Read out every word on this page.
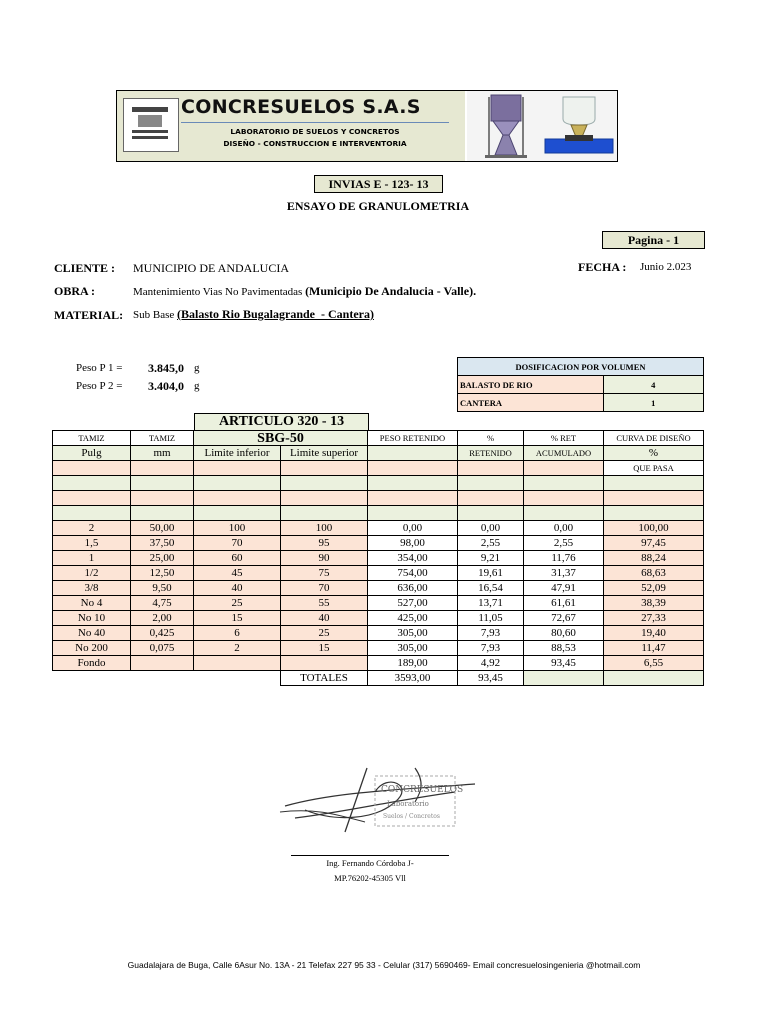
CONCRESUELOS S.A.S
LABORATORIO DE SUELOS Y CONCRETOS
DISEÑO - CONSTRUCCION E INTERVENTORIA
INVIAS E - 123- 13
ENSAYO DE GRANULOMETRIA
Pagina - 1
CLIENTE : MUNICIPIO DE ANDALUCIA	FECHA : Junio 2.023
OBRA :	Mantenimiento Vias No Pavimentadas (Municipio De Andalucia - Valle).
MATERIAL: Sub Base (Balasto Rio Bugalagrande  - Cantera)
Peso P 1 = 3.845,0 g
Peso P 2 = 3.404,0 g
DOSIFICACION POR VOLUMEN	
BALASTO DE RIO	4
CANTERA	1
ARTICULO 320 - 13
TAMIZ	TAMIZ	SBG-50		PESO RETENIDO	%	% RET	CURVA DE DISEÑO
Pulg	mm	Limite inferior	Limite superior		RETENIDO	ACUMULADO	%
							QUE PASA

2	50,00	100	100	0,00	0,00	0,00	100,00
1,5	37,50	70	95	98,00	2,55	2,55	97,45
1	25,00	60	90	354,00	9,21	11,76	88,24
1/2	12,50	45	75	754,00	19,61	31,37	68,63
3/8	9,50	40	70	636,00	16,54	47,91	52,09
No 4	4,75	25	55	527,00	13,71	61,61	38,39
No 10	2,00	15	40	425,00	11,05	72,67	27,33
No 40	0,425	6	25	305,00	7,93	80,60	19,40
No 200	0,075	2	15	305,00	7,93	88,53	11,47
Fondo				189,00	4,92	93,45	6,55
			TOTALES	3593,00	93,45		
CONCRESUELOS
Laboratorio
Suelos / Concretos
Ing. Fernando Córdoba J-
MP.76202-45305 Vll
Guadalajara de Buga, Calle 6Asur No. 13A - 21 Telefax 227 95 33 - Celular (317) 5690469- Email concresuelosingenieria @hotmail.com
